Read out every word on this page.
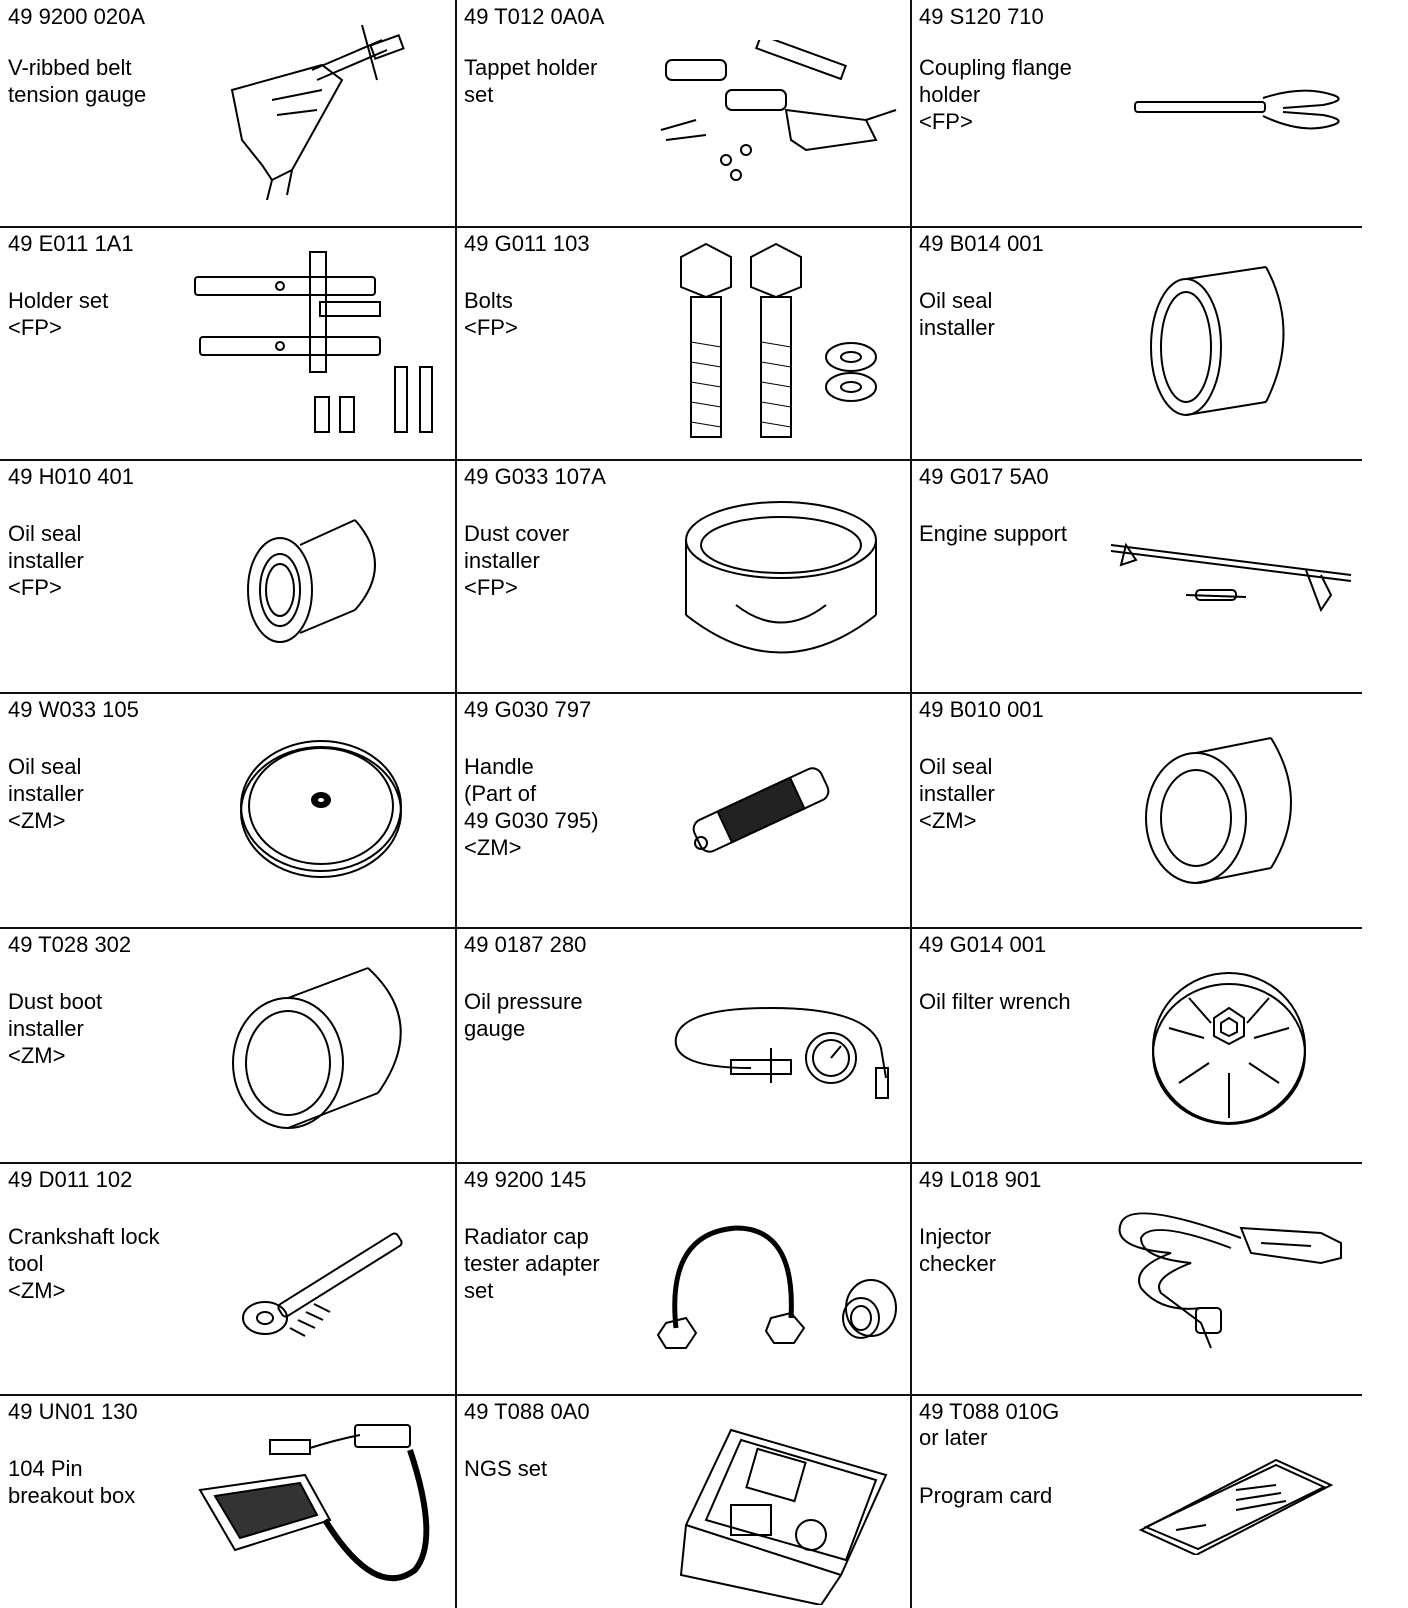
49 9200 020A
V-ribbed belt
tension gauge
49 T012 0A0A
Tappet holder
set
49 S120 710
Coupling flange
holder
<FP>
49 E011 1A1
Holder set
<FP>
49 G011 103
Bolts
<FP>
49 B014 001
Oil seal
installer
49 H010 401
Oil seal
installer
<FP>
49 G033 107A
Dust cover
installer
<FP>
49 G017 5A0
Engine support
49 W033 105
Oil seal
installer
<ZM>
49 G030 797
Handle
(Part of
49 G030 795)
<ZM>
49 B010 001
Oil seal
installer
<ZM>
49 T028 302
Dust boot
installer
<ZM>
49 0187 280
Oil pressure
gauge
49 G014 001
Oil filter wrench
49 D011 102
Crankshaft lock
tool
<ZM>
49 9200 145
Radiator cap
tester adapter
set
49 L018 901
Injector
checker
49 UN01 130
104 Pin
breakout box
49 T088 0A0
NGS set
49 T088 010G
or later
Program card
